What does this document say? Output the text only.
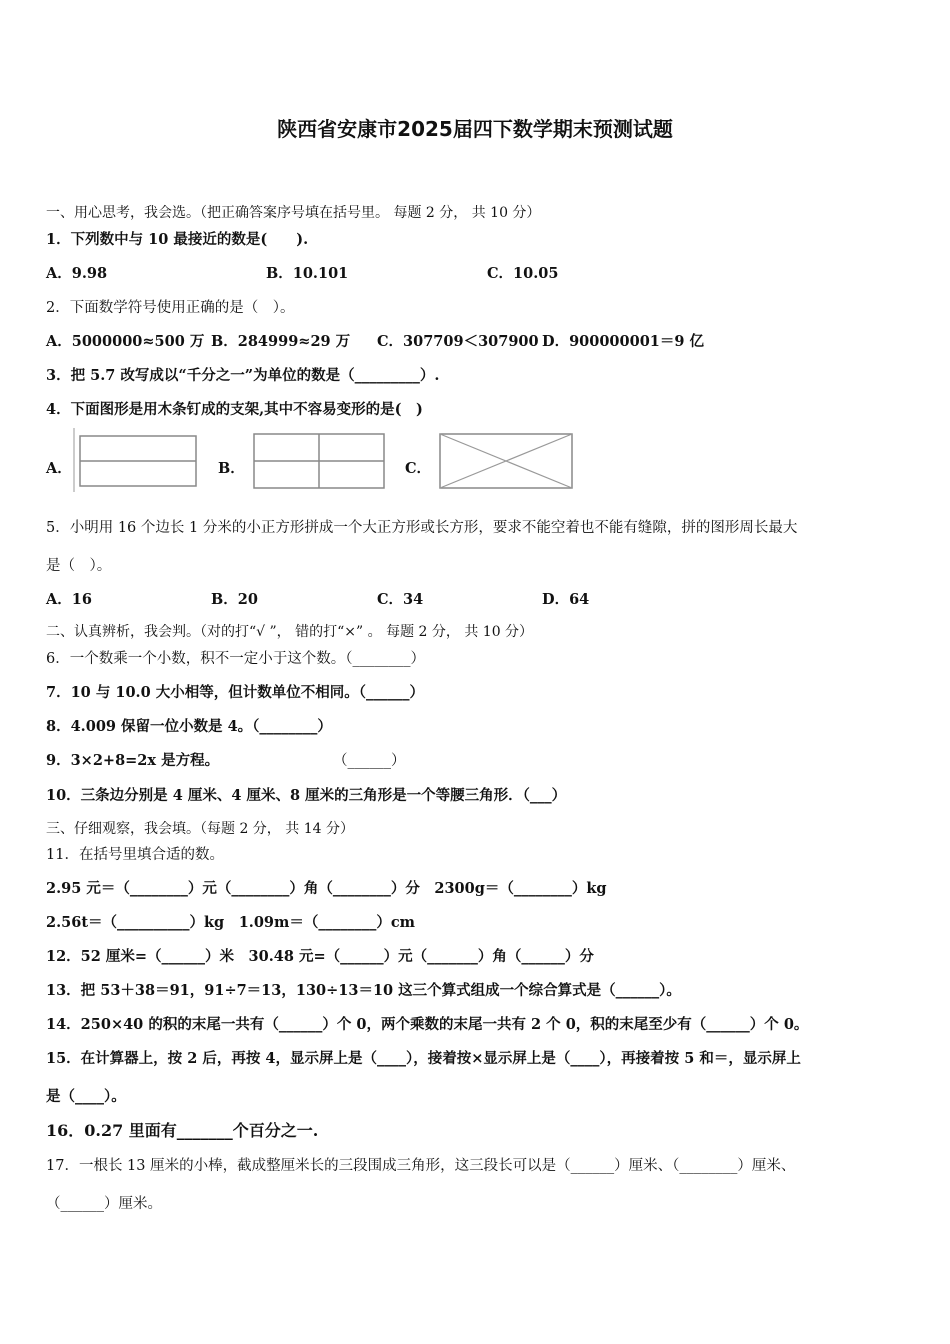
陕西省安康市2025届四下数学期末预测试题
一、用心思考，我会选。（把正确答案序号填在括号里。 每题 2 分， 共 10 分）
1．下列数中与 10 最接近的数是(　　).
A．9.98	B．10.101	C．10.05
2．下面数学符号使用正确的是（　）。
A．5000000≈500 万 B．284999≈29 万 C．307709＜307900 D．900000001＝9 亿
3．把 5.7 改写成以“千分之一”为单位的数是（_________）.
4．下面图形是用木条钉成的支架,其中不容易变形的是(　)
A．	B．	C．
5．小明用 16 个边长 1 分米的小正方形拼成一个大正方形或长方形，要求不能空着也不能有缝隙，拼的图形周长最大
是（　）。
A．16	B．20	C．34	D．64
二、认真辨析，我会判。（对的打“√ ”， 错的打“×” 。 每题 2 分， 共 10 分）
6．一个数乘一个小数，积不一定小于这个数。（________）
7．10 与 10.0 大小相等，但计数单位不相同。（______）
8．4.009 保留一位小数是 4。（________）
9．3×2+8=2x 是方程。	（______）
10．三条边分别是 4 厘米、4 厘米、8 厘米的三角形是一个等腰三角形．（___）
三、仔细观察，我会填。（每题 2 分， 共 14 分）
11．在括号里填合适的数。
2.95 元＝（________）元（________）角（________）分　2300g＝（________）kg
2.56t＝（__________）kg　1.09m＝（________）cm
12．52 厘米=（______）米　30.48 元=（______）元（_______）角（______）分
13．把 53＋38＝91，91÷7＝13，130÷13＝10 这三个算式组成一个综合算式是（______）。
14．250×40 的积的末尾一共有（______）个 0，两个乘数的末尾一共有 2 个 0，积的末尾至少有（______）个 0。
15．在计算器上，按 2 后，再按 4，显示屏上是（____），接着按×显示屏上是（____），再接着按 5 和＝，显示屏上
是（____）。
16．0.27 里面有_______个百分之一.
17．一根长 13 厘米的小棒，截成整厘米长的三段围成三角形，这三段长可以是（______）厘米、（________）厘米、
（______）厘米。
